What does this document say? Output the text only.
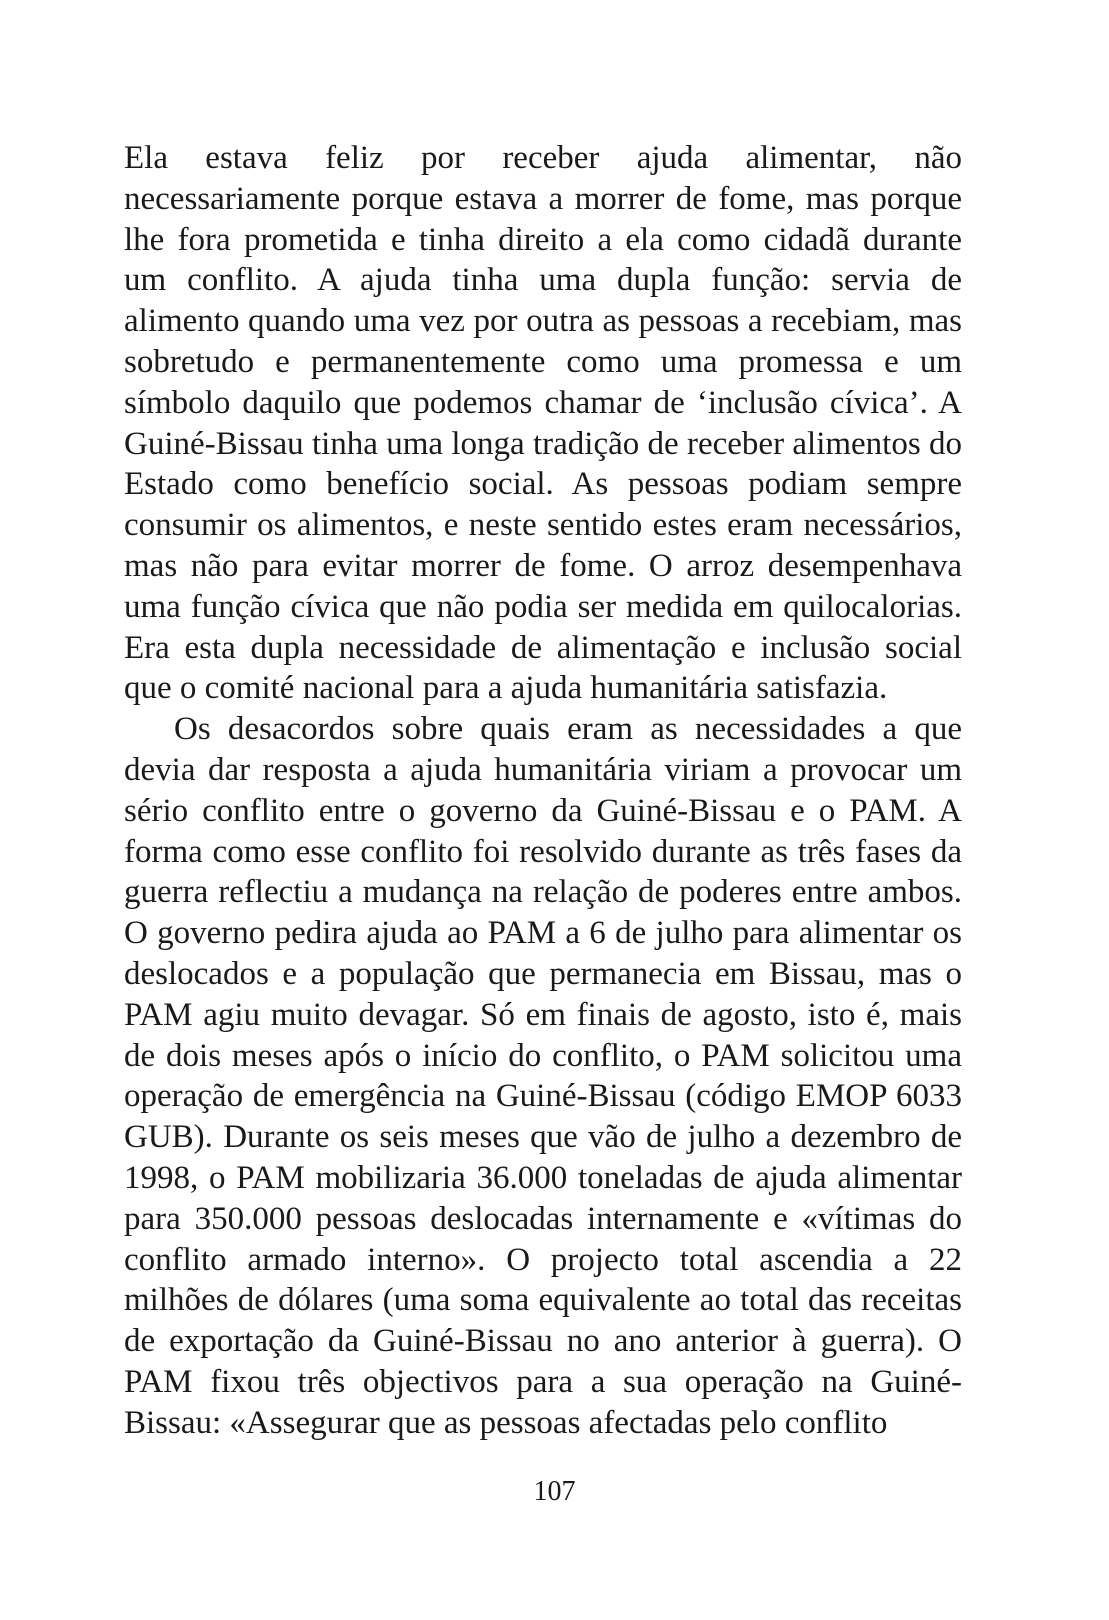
Ela estava feliz por receber ajuda alimentar, não necessariamente porque estava a morrer de fome, mas porque lhe fora prometida e tinha direito a ela como cidadã durante um conflito. A ajuda tinha uma dupla função: servia de alimento quando uma vez por outra as pessoas a recebiam, mas sobretudo e permanentemente como uma promessa e um símbolo daquilo que podemos chamar de ‘inclusão cívica’. A Guiné-Bissau tinha uma longa tradição de receber alimentos do Estado como benefício social. As pessoas podiam sempre consumir os alimentos, e neste sentido estes eram necessários, mas não para evitar morrer de fome. O arroz desempenhava uma função cívica que não podia ser medida em quilocalorias. Era esta dupla necessidade de alimentação e inclusão social que o comité nacional para a ajuda humanitária satisfazia.

Os desacordos sobre quais eram as necessidades a que devia dar resposta a ajuda humanitária viriam a provocar um sério conflito entre o governo da Guiné-Bissau e o PAM. A forma como esse conflito foi resolvido durante as três fases da guerra reflectiu a mudança na relação de poderes entre ambos. O governo pedira ajuda ao PAM a 6 de julho para alimentar os deslocados e a população que permanecia em Bissau, mas o PAM agiu muito devagar. Só em finais de agosto, isto é, mais de dois meses após o início do conflito, o PAM solicitou uma operação de emergência na Guiné-Bissau (código EMOP 6033 GUB). Durante os seis meses que vão de julho a dezembro de 1998, o PAM mobilizaria 36.000 toneladas de ajuda alimentar para 350.000 pessoas deslocadas internamente e «vítimas do conflito armado interno». O projecto total ascendia a 22 milhões de dólares (uma soma equivalente ao total das receitas de exportação da Guiné-Bissau no ano anterior à guerra). O PAM fixou três objectivos para a sua operação na Guiné-Bissau: «Assegurar que as pessoas afectadas pelo conflito

107
